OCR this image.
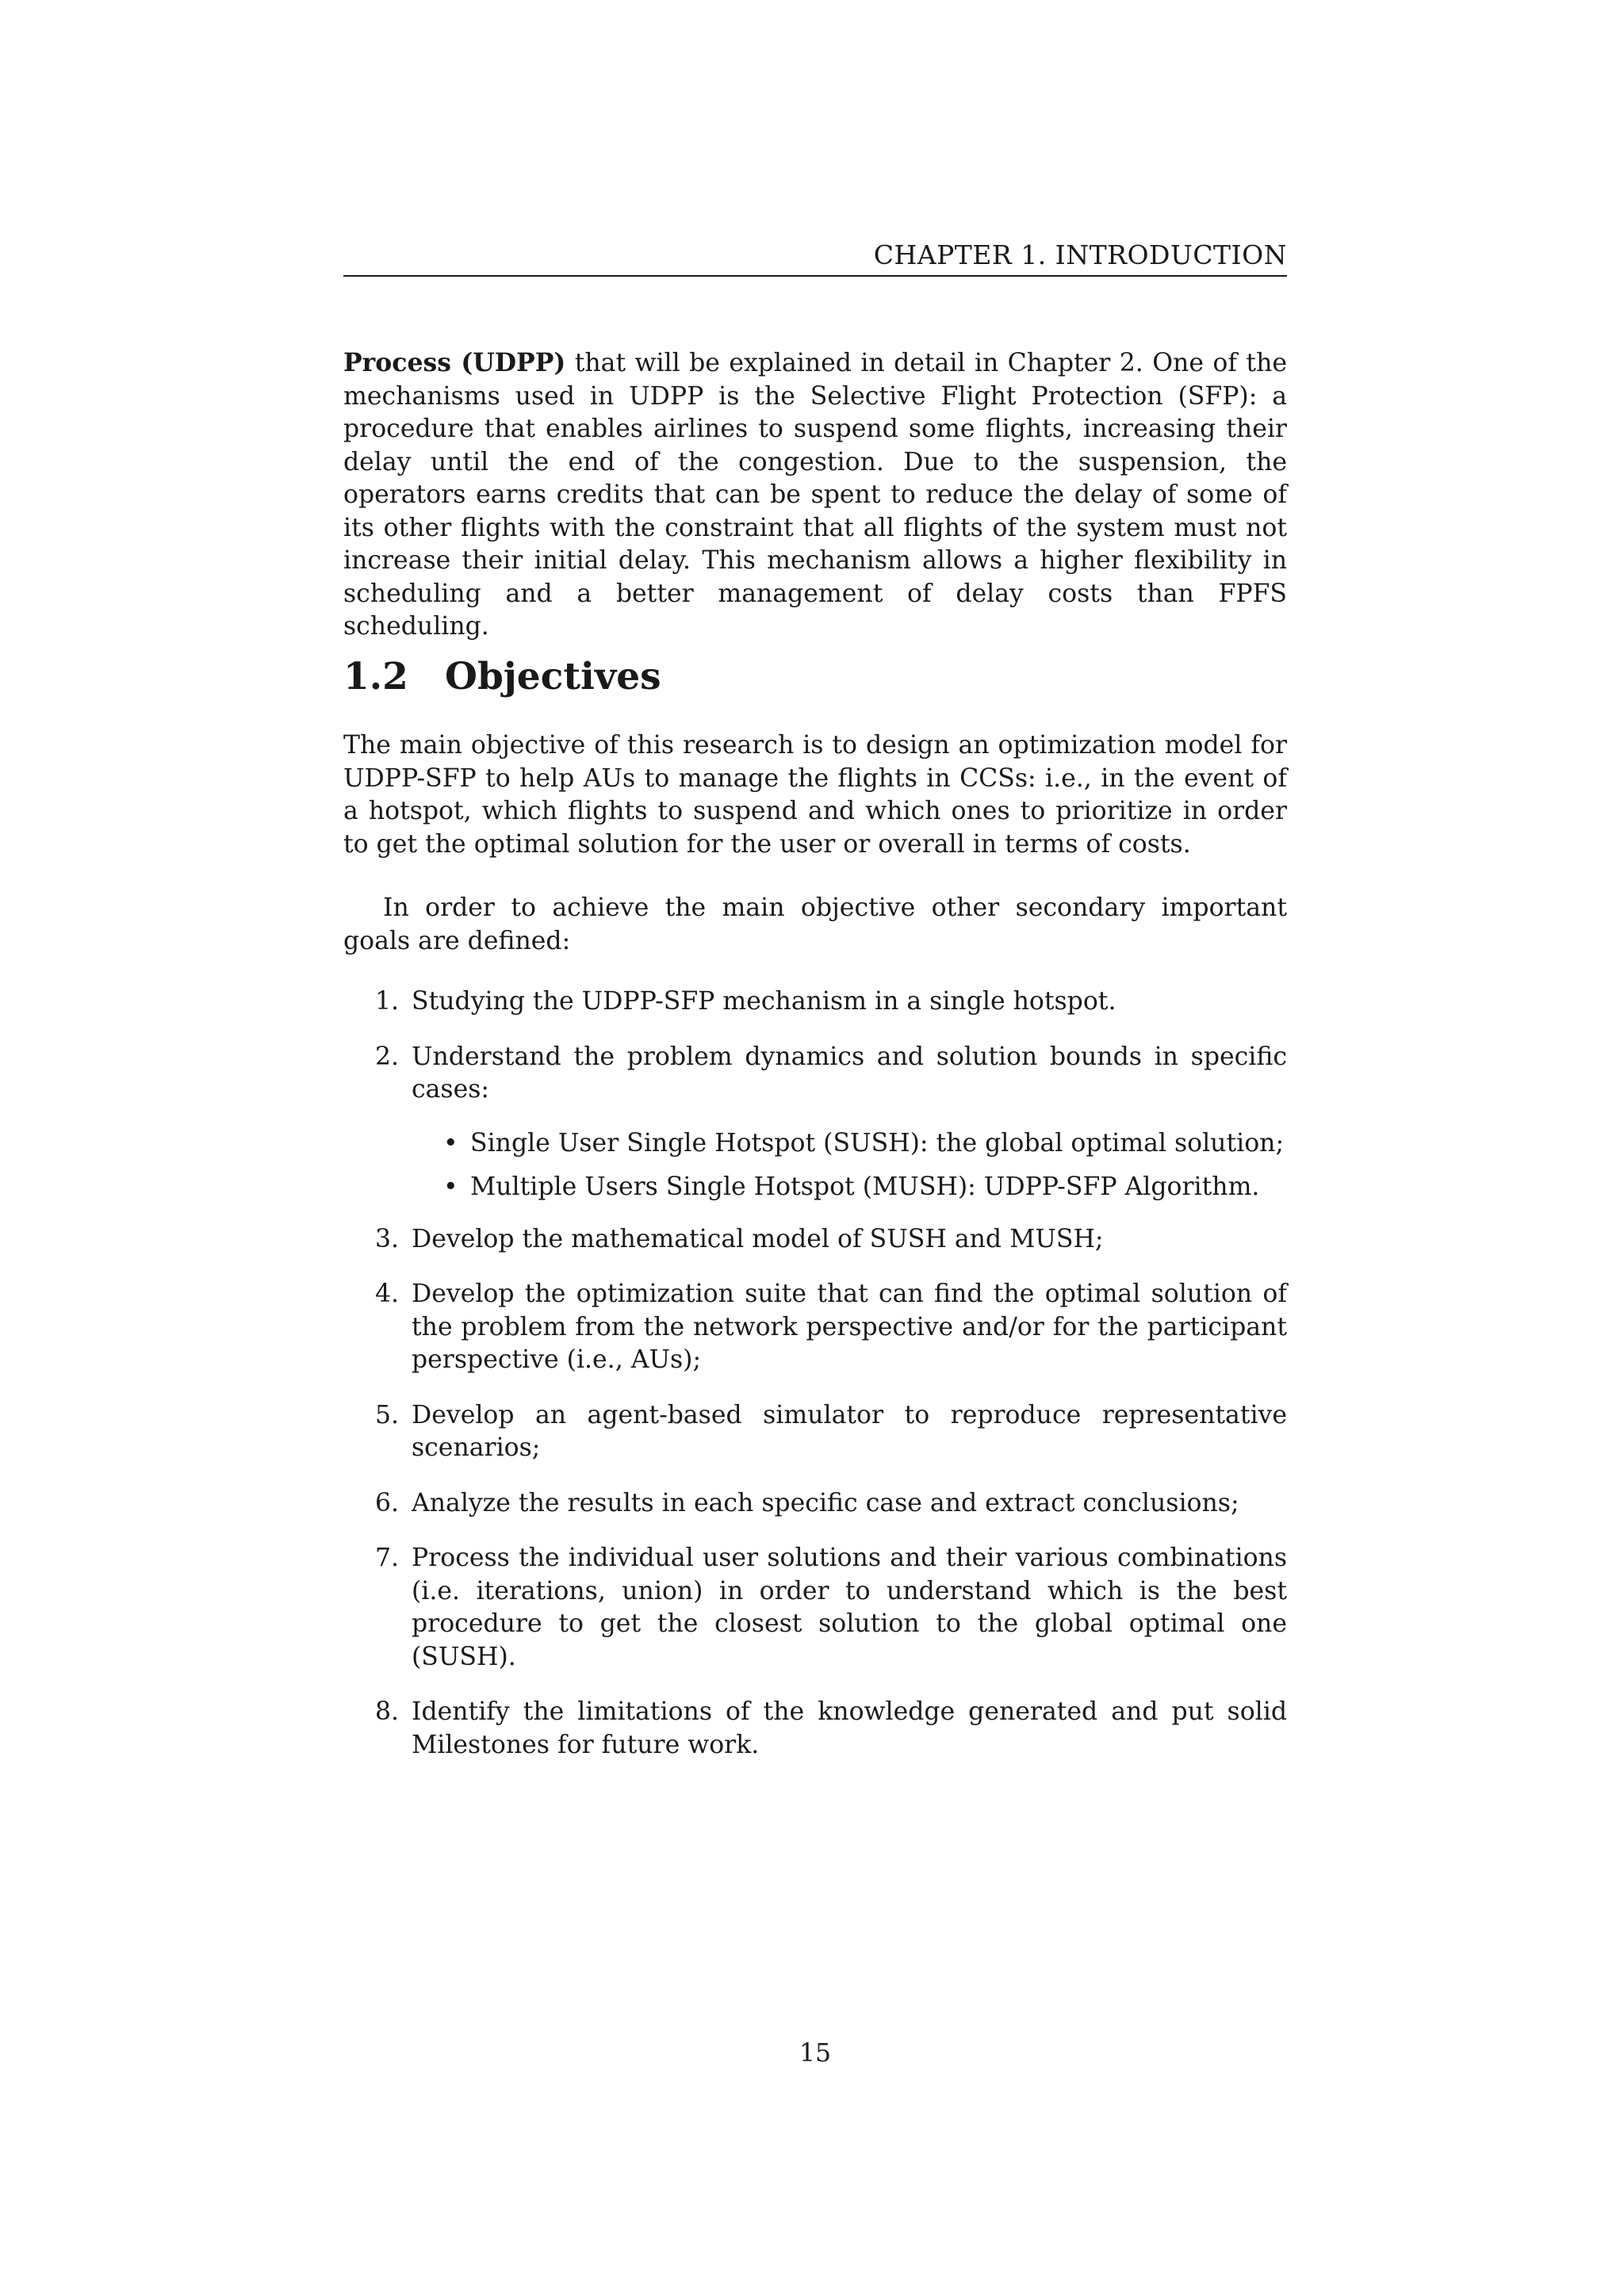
CHAPTER 1. INTRODUCTION
Process (UDPP) that will be explained in detail in Chapter 2. One of the mechanisms used in UDPP is the Selective Flight Protection (SFP): a procedure that enables airlines to suspend some flights, increasing their delay until the end of the congestion. Due to the suspension, the operators earns credits that can be spent to reduce the delay of some of its other flights with the constraint that all flights of the system must not increase their initial delay. This mechanism allows a higher flexibility in scheduling and a better management of delay costs than FPFS scheduling.
1.2 Objectives
The main objective of this research is to design an optimization model for UDPP-SFP to help AUs to manage the flights in CCSs: i.e., in the event of a hotspot, which flights to suspend and which ones to prioritize in order to get the optimal solution for the user or overall in terms of costs.
In order to achieve the main objective other secondary important goals are defined:
1. Studying the UDPP-SFP mechanism in a single hotspot.
2. Understand the problem dynamics and solution bounds in specific cases:
• Single User Single Hotspot (SUSH): the global optimal solution;
• Multiple Users Single Hotspot (MUSH): UDPP-SFP Algorithm.
3. Develop the mathematical model of SUSH and MUSH;
4. Develop the optimization suite that can find the optimal solution of the problem from the network perspective and/or for the participant perspective (i.e., AUs);
5. Develop an agent-based simulator to reproduce representative scenarios;
6. Analyze the results in each specific case and extract conclusions;
7. Process the individual user solutions and their various combinations (i.e. iterations, union) in order to understand which is the best procedure to get the closest solution to the global optimal one (SUSH).
8. Identify the limitations of the knowledge generated and put solid Milestones for future work.
15
